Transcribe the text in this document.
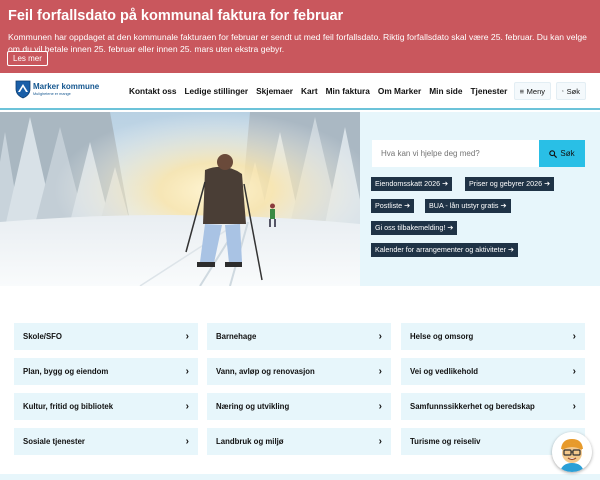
Feil forfallsdato på kommunal faktura for februar
Kommunen har oppdaget at den kommunale fakturaen for februar er sendt ut med feil forfallsdato. Riktig forfallsdato skal være 25. februar. Du kan velge om du vil betale innen 25. februar eller innen 25. mars uten ekstra gebyr.
Les mer
Marker kommune
Mulighetene er mange	Kontakt oss Ledige stillinger Skjemaer Kart Min faktura Om Marker Min side Tjenester	Meny	Søk
Hva kan vi hjelpe deg med?
Søk
Eiendomsskatt 2026 ➔	Priser og gebyrer 2026 ➔
Postliste ➔	BUA - lån utstyr gratis ➔
Gi oss tilbakemelding! ➔
Kalender for arrangementer og aktiviteter ➔
Skole/SFO	›	Barnehage	›	Helse og omsorg	›
Plan, bygg og eiendom	›	Vann, avløp og renovasjon	›	Vei og vedlikehold	›
Kultur, fritid og bibliotek	›	Næring og utvikling	›	Samfunnssikkerhet og beredskap	›
Sosiale tjenester	›	Landbruk og miljø	›	Turisme og reiseliv
